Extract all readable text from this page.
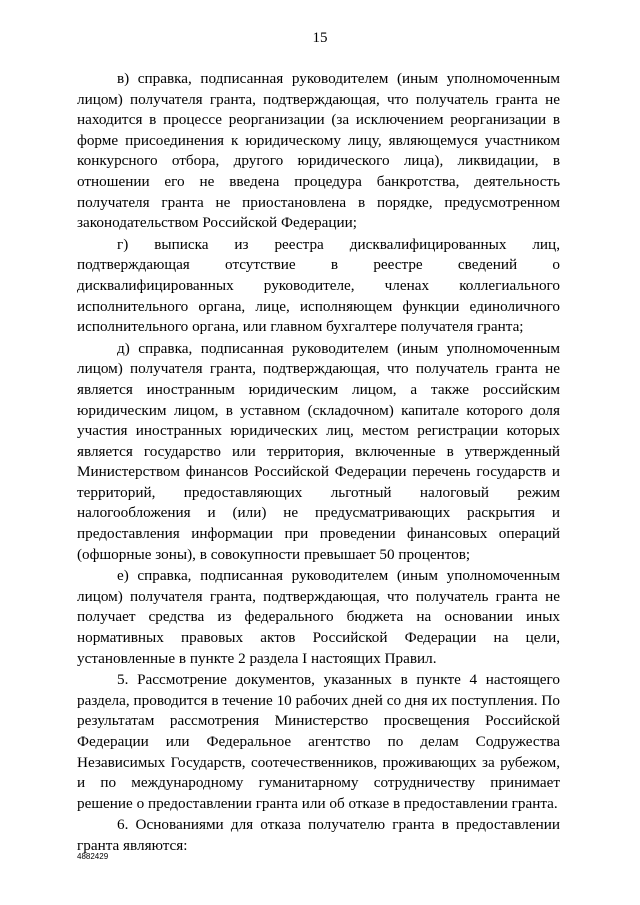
15

в) справка, подписанная руководителем (иным уполномоченным лицом) получателя гранта, подтверждающая, что получатель гранта не находится в процессе реорганизации (за исключением реорганизации в форме присоединения к юридическому лицу, являющемуся участником конкурсного отбора, другого юридического лица), ликвидации, в отношении его не введена процедура банкротства, деятельность получателя гранта не приостановлена в порядке, предусмотренном законодательством Российской Федерации;

г) выписка из реестра дисквалифицированных лиц, подтверждающая отсутствие в реестре сведений о дисквалифицированных руководителе, членах коллегиального исполнительного органа, лице, исполняющем функции единоличного исполнительного органа, или главном бухгалтере получателя гранта;

д) справка, подписанная руководителем (иным уполномоченным лицом) получателя гранта, подтверждающая, что получатель гранта не является иностранным юридическим лицом, а также российским юридическим лицом, в уставном (складочном) капитале которого доля участия иностранных юридических лиц, местом регистрации которых является государство или территория, включенные в утвержденный Министерством финансов Российской Федерации перечень государств и территорий, предоставляющих льготный налоговый режим налогообложения и (или) не предусматривающих раскрытия и предоставления информации при проведении финансовых операций (офшорные зоны), в совокупности превышает 50 процентов;

е) справка, подписанная руководителем (иным уполномоченным лицом) получателя гранта, подтверждающая, что получатель гранта не получает средства из федерального бюджета на основании иных нормативных правовых актов Российской Федерации на цели, установленные в пункте 2 раздела I настоящих Правил.

5. Рассмотрение документов, указанных в пункте 4 настоящего раздела, проводится в течение 10 рабочих дней со дня их поступления. По результатам рассмотрения Министерство просвещения Российской Федерации или Федеральное агентство по делам Содружества Независимых Государств, соотечественников, проживающих за рубежом, и по международному гуманитарному сотрудничеству принимает решение о предоставлении гранта или об отказе в предоставлении гранта.

6. Основаниями для отказа получателю гранта в предоставлении гранта являются:

4882429
